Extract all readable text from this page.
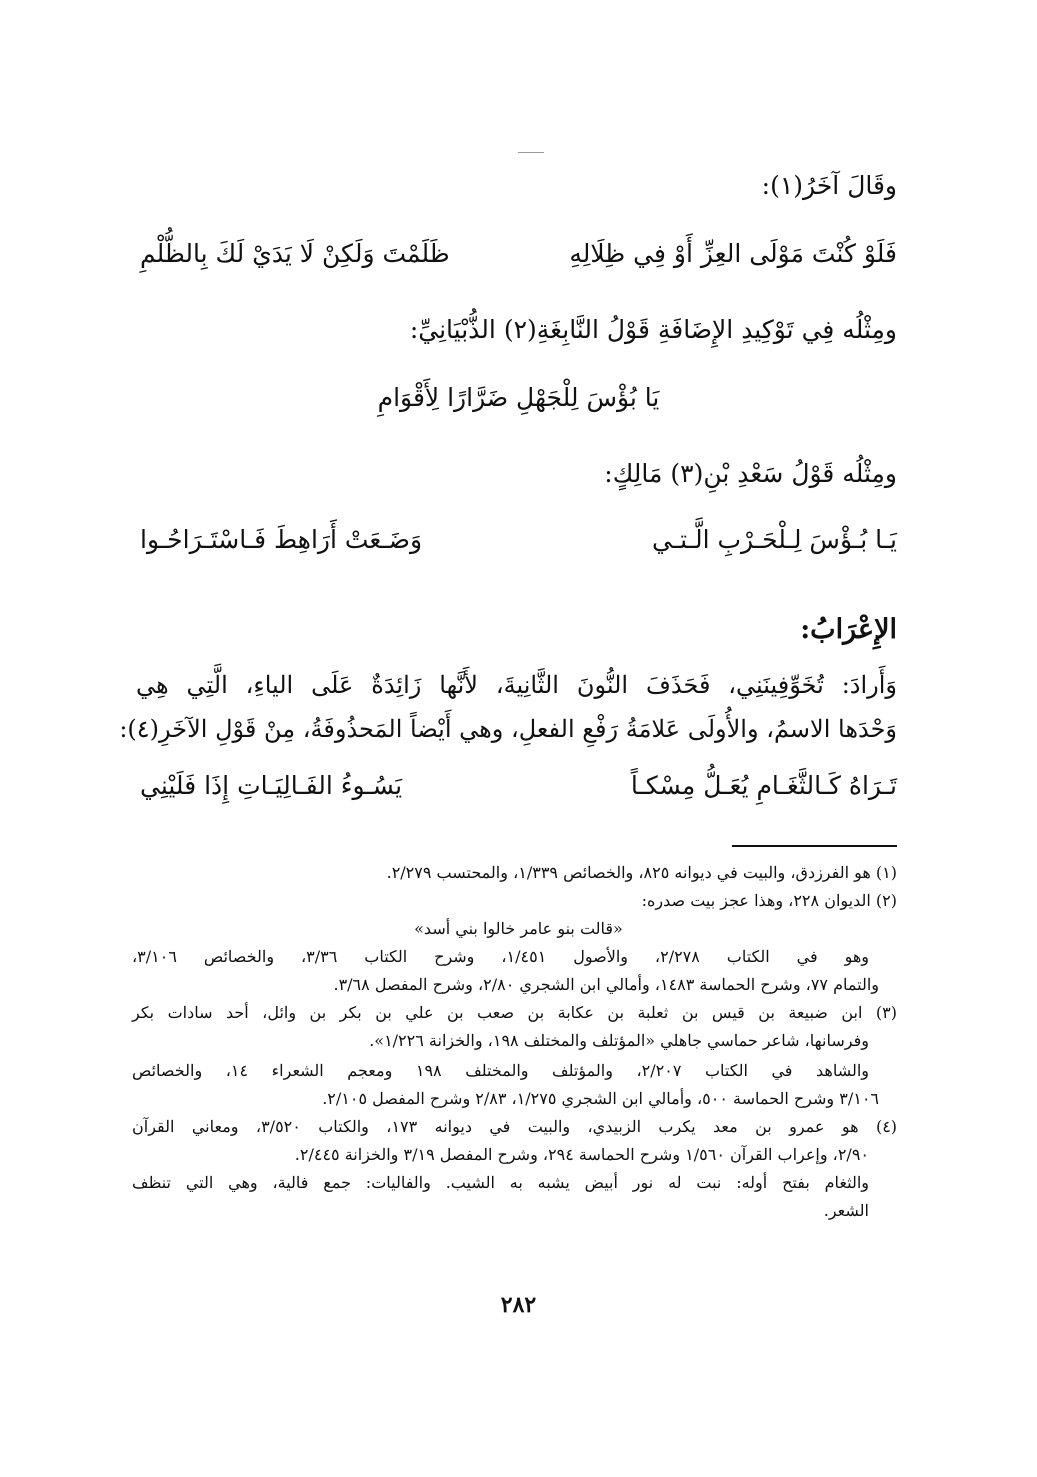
وقَالَ آخَرُ(١):
فَلَوْ كُنْتَ مَوْلَى العِزِّ أَوْ فِي ظِلَالِهِ
ظَلَمْتَ وَلَكِنْ لَا يَدَيْ لَكَ بِالظُّلْمِ
ومِثْلُه فِي تَوْكِيدِ الإِضَافَةِ قَوْلُ النَّابِغَةِ(٢) الذُّبْيَانِيِّ:
يَا بُؤْسَ لِلْجَهْلِ ضَرَّارًا لِأَقْوَامِ
ومِثْلُه قَوْلُ سَعْدِ بْنِ(٣) مَالِكٍ:
يَـا بُـؤْسَ لِـلْحَـرْبِ الَّـتـي
وَضَـعَتْ أَرَاهِطَ فَـاسْتَـرَاحُـوا
الإِعْرَابُ:
وَأَرادَ: تُخَوِّفِينَنِي، فَحَذَفَ النُّونَ الثَّانِيةَ، لأَنَّها زَائِدَةٌ عَلَى الياءِ، الَّتِي هِي
وَحْدَها الاسمُ، والأُولَى عَلامَةُ رَفْعِ الفعلِ، وهي أَيْضاً المَحذُوفَةُ، مِنْ قَوْلِ الآخَرِ(٤):
تَـرَاهُ كَـالثَّغَـامِ يُعَـلُّ مِسْكـاً
يَسُـوءُ الفَـالِيَـاتِ إِذَا فَلَيْنِي
(١) هو الفرزدق، والبيت في ديوانه ٨٢٥، والخصائص ١/٣٣٩، والمحتسب ٢/٢٧٩.
(٢) الديوان ٢٢٨، وهذا عجز بيت صدره:
«قالت بنو عامر خالوا بني أسد»
وهو في الكتاب ٢/٢٧٨، والأصول ١/٤٥١، وشرح الكتاب ٣/٣٦، والخصائص ٣/١٠٦،
والتمام ٧٧، وشرح الحماسة ١٤٨٣، وأمالي ابن الشجري ٢/٨٠، وشرح المفصل ٣/٦٨.
(٣) ابن ضبيعة بن قيس بن ثعلبة بن عكابة بن صعب بن علي بن بكر بن وائل، أحد سادات بكر
وفرسانها، شاعر حماسي جاهلي «المؤتلف والمختلف ١٩٨، والخزانة ١/٢٢٦».
والشاهد في الكتاب ٢/٢٠٧، والمؤتلف والمختلف ١٩٨ ومعجم الشعراء ١٤، والخصائص
٣/١٠٦ وشرح الحماسة ٥٠٠، وأمالي ابن الشجري ١/٢٧٥، ٢/٨٣ وشرح المفصل ٢/١٠٥.
(٤) هو عمرو بن معد يكرب الزبيدي، والبيت في ديوانه ١٧٣، والكتاب ٣/٥٢٠، ومعاني القرآن
٢/٩٠، وإعراب القرآن ١/٥٦٠ وشرح الحماسة ٢٩٤، وشرح المفصل ٣/١٩ والخزانة ٢/٤٤٥.
والثغام بفتح أوله: نبت له نور أبيض يشبه به الشيب. والفاليات: جمع فالية، وهي التي تنظف
الشعر.
٢٨٢
